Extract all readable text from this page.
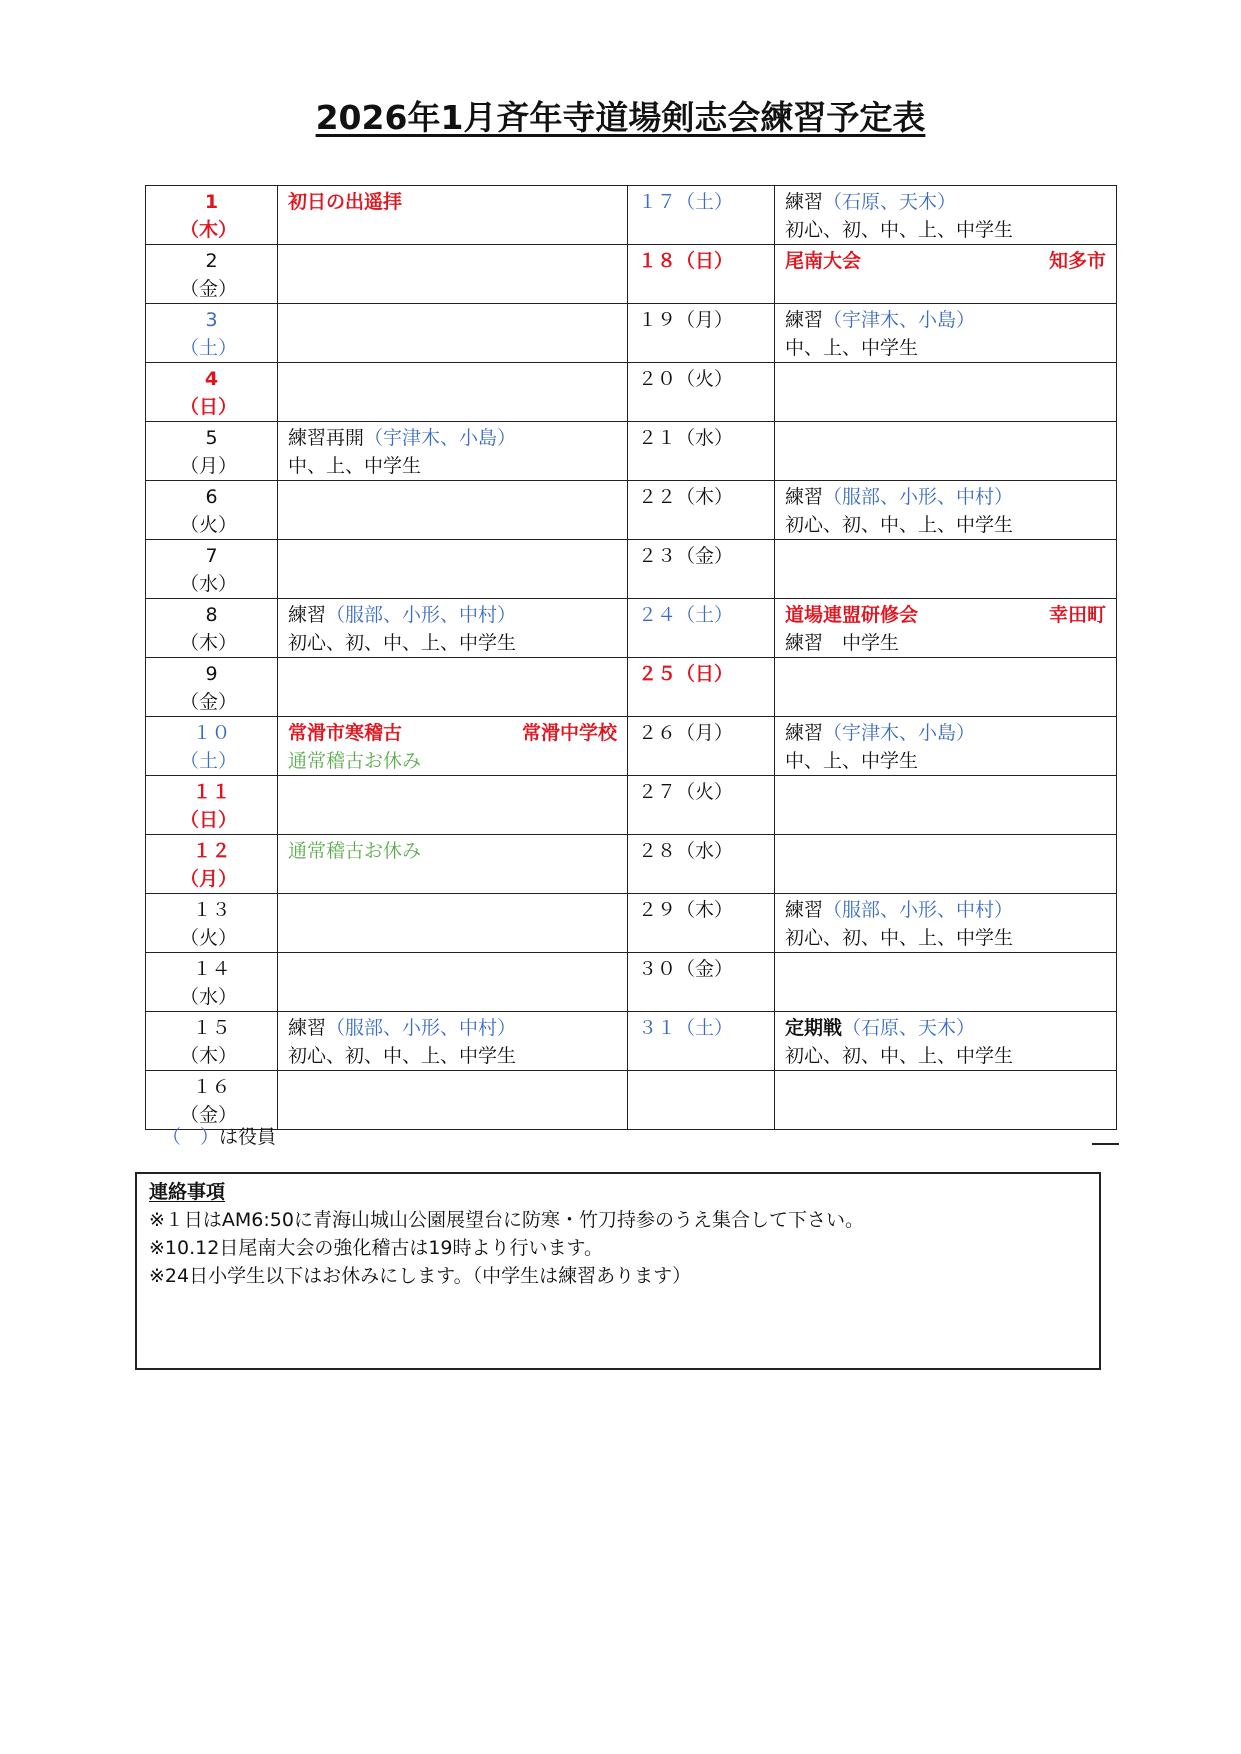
2026年1月斉年寺道場剣志会練習予定表
1
（木）	初日の出遥拝	１７（土）	練習（石原、天木）
初心、初、中、上、中学生

2
（金）		１８（日）	尾南大会 知多市

3
（土）		１９（月）	練習（宇津木、小島）
中、上、中学生

4
（日）		２０（火）	

5
（月）	練習再開（宇津木、小島）
中、上、中学生	２１（水）	

6
（火）		２２（木）	練習（服部、小形、中村）
初心、初、中、上、中学生

7
（水）		２３（金）	

8
（木）	練習（服部、小形、中村）
初心、初、中、上、中学生	２４（土）	道場連盟研修会 幸田町
練習　中学生

9
（金）		２５（日）	

１０
（土）	常滑市寒稽古 常滑中学校
通常稽古お休み	２６（月）	練習（宇津木、小島）
中、上、中学生

１１
（日）		２７（火）	

１２
（月）	通常稽古お休み	２８（水）	

１３
（火）		２９（木）	練習（服部、小形、中村）
初心、初、中、上、中学生

１４
（水）		３０（金）	

１５
（木）	練習（服部、小形、中村）
初心、初、中、上、中学生	３１（土）	定期戦（石原、天木）
初心、初、中、上、中学生

１６
（金）			

（　）は役員
連絡事項
※１日はAM6:50に青海山城山公園展望台に防寒・竹刀持参のうえ集合して下さい。
※10.12日尾南大会の強化稽古は19時より行います。
※24日小学生以下はお休みにします。（中学生は練習あります）
